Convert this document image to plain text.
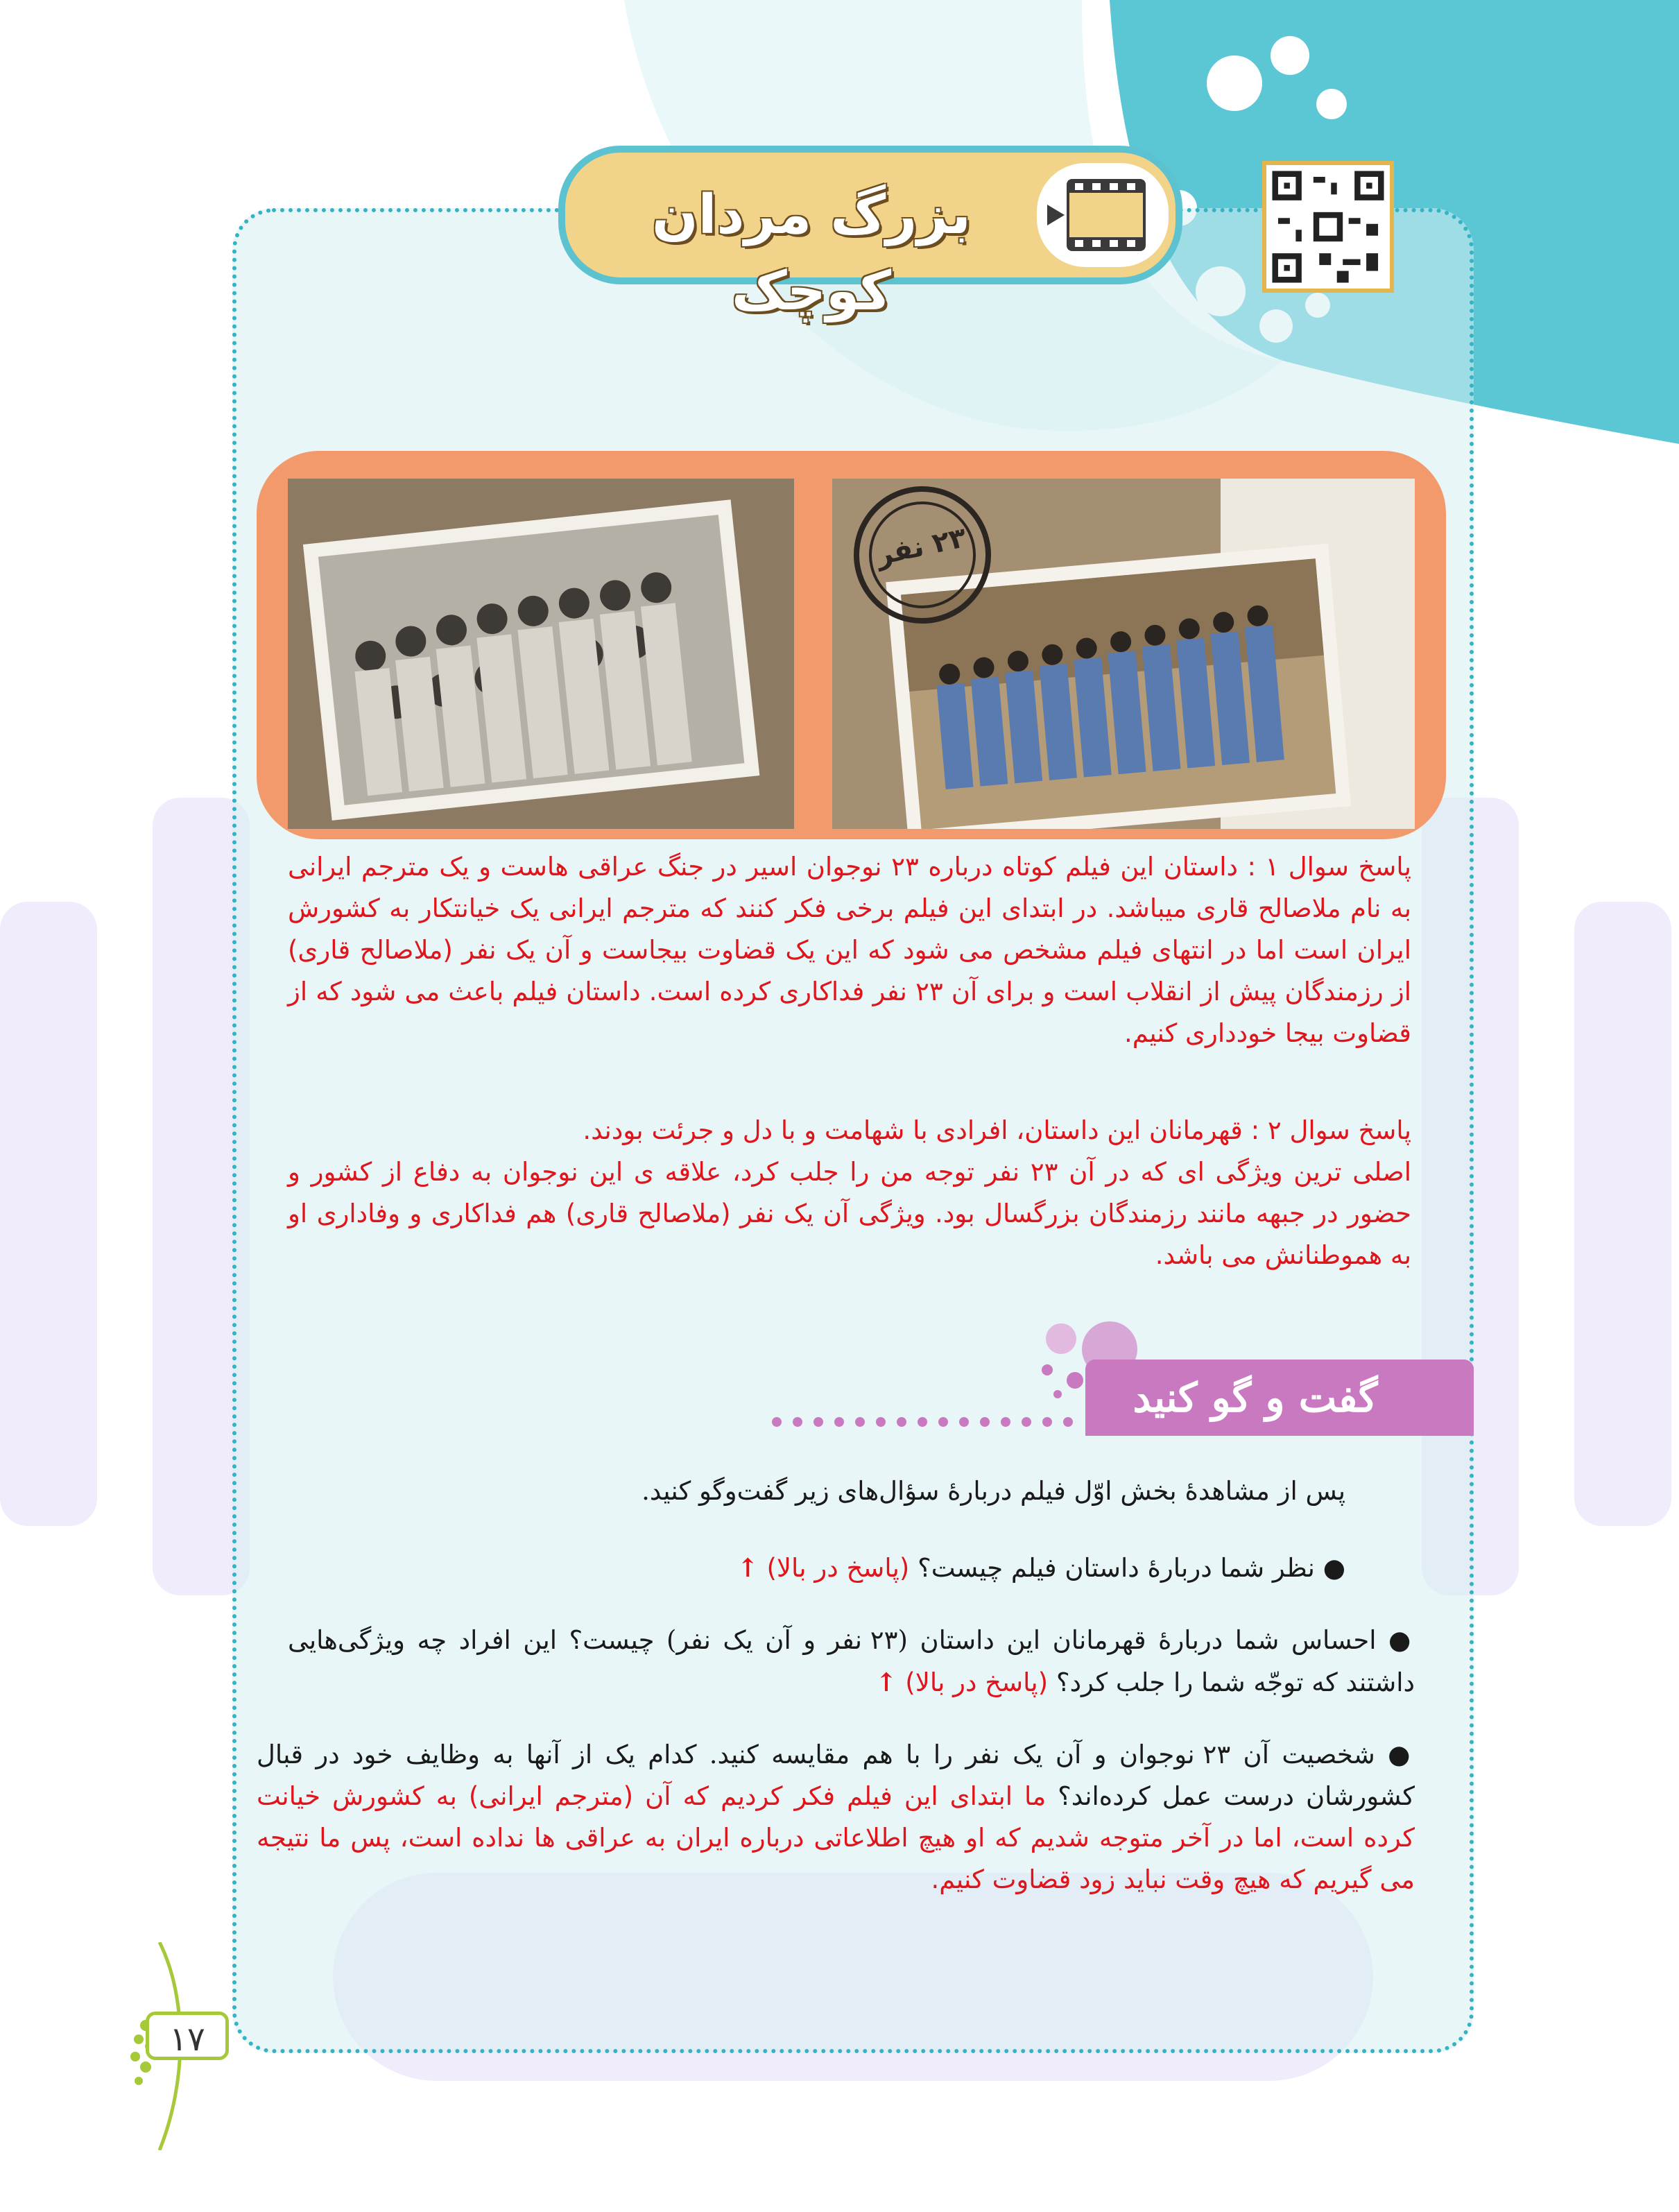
بزرگ مردان کوچک
۲۳ نفر
پاسخ سوال ۱ : داستان این فیلم کوتاه درباره ۲۳ نوجوان اسیر در جنگ عراقی هاست و یک مترجم ایرانی به نام ملاصالح قاری میباشد. در ابتدای این فیلم برخی فکر کنند که مترجم ایرانی یک خیانتکار به کشورش ایران است اما در انتهای فیلم مشخص می شود که این یک قضاوت بیجاست و آن یک نفر (ملاصالح قاری) از رزمندگان پیش از انقلاب است و برای آن ۲۳ نفر فداکاری کرده است. داستان فیلم باعث می شود که از قضاوت بیجا خودداری کنیم.
پاسخ سوال ۲ : قهرمانان این داستان، افرادی با شهامت و با دل و جرئت بودند.
اصلی ترین ویژگی ای که در آن ۲۳ نفر توجه من را جلب کرد، علاقه ی این نوجوان به دفاع از کشور و حضور در جبهه مانند رزمندگان بزرگسال بود. ویژگی آن یک نفر (ملاصالح قاری) هم فداکاری و وفاداری او به هموطنانش می باشد.
گفت و گو کنید
پس از مشاهدهٔ بخش اوّل فیلم دربارهٔ سؤال‌های زیر گفت‌وگو کنید.
● نظر شما دربارهٔ داستان فیلم چیست؟ (پاسخ در بالا) ↑
● احساس شما دربارهٔ قهرمانان این داستان (۲۳ نفر و آن یک نفر) چیست؟ این افراد چه ویژگی‌هایی داشتند که توجّه شما را جلب کرد؟ (پاسخ در بالا) ↑
● شخصیت آن ۲۳ نوجوان و آن یک نفر را با هم مقایسه کنید. کدام یک از آنها به وظایف خود در قبال کشورشان درست عمل کرده‌اند؟ ما ابتدای این فیلم فکر کردیم که آن (مترجم ایرانی) به کشورش خیانت کرده است، اما در آخر متوجه شدیم که او هیچ اطلاعاتی درباره ایران به عراقی ها نداده است، پس ما نتیجه می گیریم که هیچ وقت نباید زود قضاوت کنیم.
۱۷
